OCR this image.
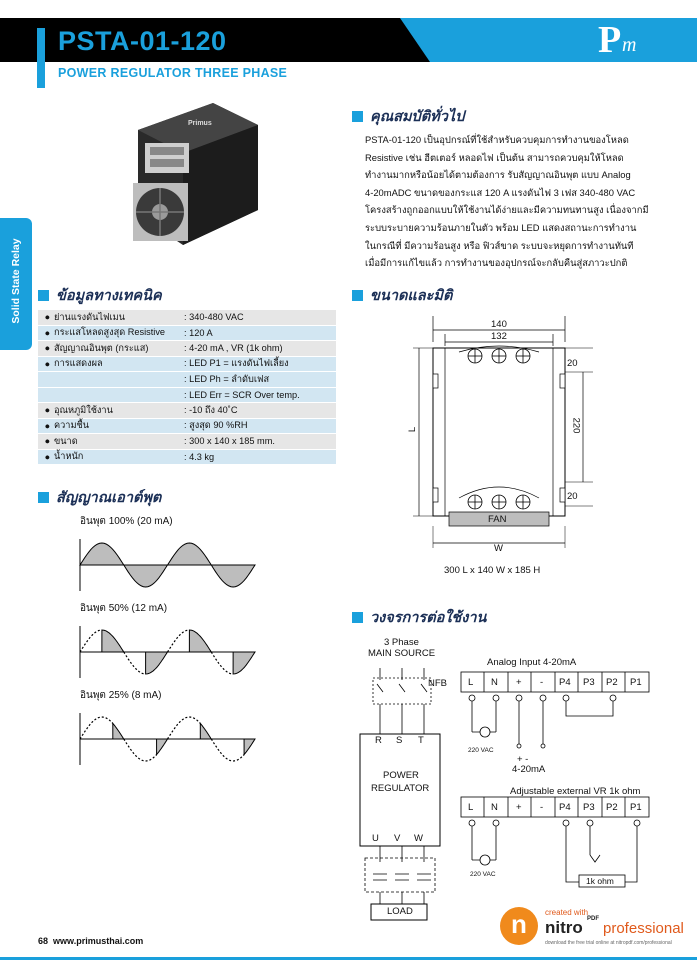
PSTA-01-120
POWER REGULATOR THREE PHASE
P m
Solid State Relay
Primus	คุณสมบัติทั่วไป
PSTA-01-120 เป็นอุปกรณ์ที่ใช้สำหรับควบคุมการทำงานของโหลด
Resistive เช่น ฮีตเตอร์ หลอดไฟ เป็นต้น สามารถควบคุมให้โหลด
ทำงานมากหรือน้อยได้ตามต้องการ รับสัญญาณอินพุต แบบ Analog
4-20mADC ขนาดของกระแส 120 A แรงดันไฟ 3 เฟส 340-480 VAC
โครงสร้างถูกออกแบบให้ใช้งานได้ง่ายและมีความทนทานสูง เนื่องจากมี
ระบบระบายความร้อนภายในตัว พร้อม LED แสดงสถานะการทำงาน
ในกรณีที่ มีความร้อนสูง หรือ ฟิวส์ขาด ระบบจะหยุดการทำงานทันที
เมื่อมีการแก้ไขแล้ว การทำงานของอุปกรณ์จะกลับคืนสู่สภาวะปกติ
ข้อมูลทางเทคนิค
● ย่านแรงดันไฟเมน	: 340-480 VAC
● กระแสโหลดสูงสุด Resistive	: 120 A
● สัญญาณอินพุต (กระแส)	: 4-20 mA , VR (1k ohm)
● การแสดงผล	: LED P1 = แรงดันไฟเลี้ยง
: LED Ph = ลำดับเฟส
: LED Err = SCR Over temp.
● อุณหภูมิใช้งาน	: -10 ถึง 40˚C
● ความชื้น	: สูงสุด 90 %RH
● ขนาด	: 300 x 140 x 185 mm.
● น้ำหนัก	: 4.3 kg
สัญญาณเอาต์พุต
อินพุต 100% (20 mA)
อินพุต 50% (12 mA)
อินพุต 25% (8 mA)
ขนาดและมิติ
140
132
20
220
20
L
FAN
W
300 L x 140 W x 185 H
วงจรการต่อใช้งาน
3 Phase
MAIN SOURCE
NFB
R S T
POWER
REGULATOR
U V W
LOAD
Analog Input 4-20mA
L N + - P4 P3 P2 P1
220 VAC
+ -
4-20mA
Adjustable external VR 1k ohm
L N + - P4 P3 P2 P1
220 VAC
1k ohm
n	created with
nitro PDF
professional
download the free trial online at nitropdf.com/professional
68 www.primusthai.com
